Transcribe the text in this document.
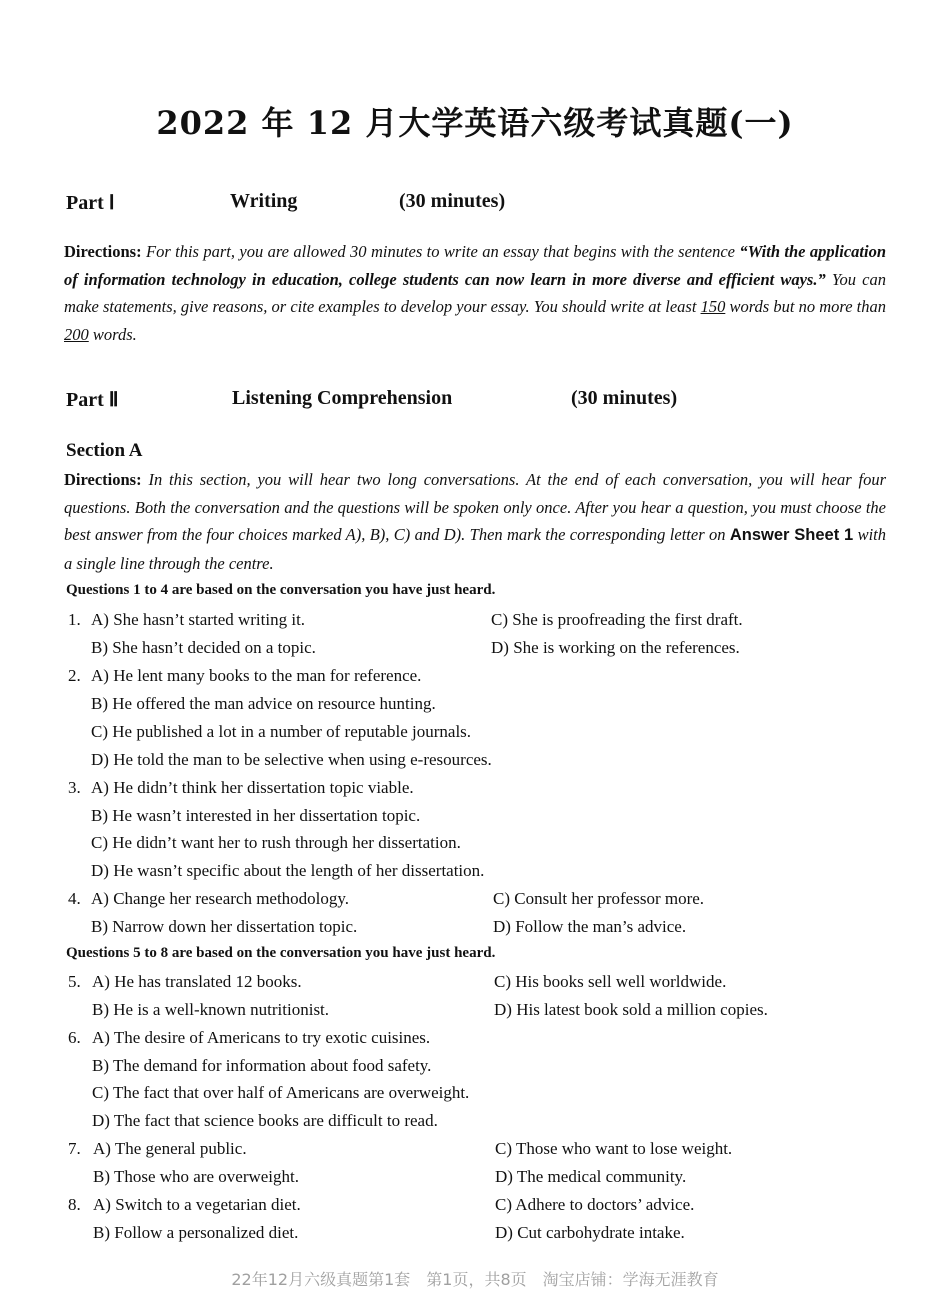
2022 年 12 月大学英语六级考试真题(一)
Part Ⅰ	Writing	(30 minutes)
Directions: For this part, you are allowed 30 minutes to write an essay that begins with the sentence “With the application of information technology in education, college students can now learn in more diverse and efficient ways.” You can make statements, give reasons, or cite examples to develop your essay. You should write at least 150 words but no more than 200 words.
Part Ⅱ	Listening Comprehension	(30 minutes)
Section A
Directions: In this section, you will hear two long conversations. At the end of each conversation, you will hear four questions. Both the conversation and the questions will be spoken only once. After you hear a question, you must choose the best answer from the four choices marked A), B), C) and D). Then mark the corresponding letter on Answer Sheet 1 with a single line through the centre.
Questions 1 to 4 are based on the conversation you have just heard.
1. A) She hasn’t started writing it.	C) She is proofreading the first draft.
B) She hasn’t decided on a topic.	D) She is working on the references.
2. A) He lent many books to the man for reference.
B) He offered the man advice on resource hunting.
C) He published a lot in a number of reputable journals.
D) He told the man to be selective when using e-resources.
3. A) He didn’t think her dissertation topic viable.
B) He wasn’t interested in her dissertation topic.
C) He didn’t want her to rush through her dissertation.
D) He wasn’t specific about the length of her dissertation.
4. A) Change her research methodology.	C) Consult her professor more.
B) Narrow down her dissertation topic.	D) Follow the man’s advice.
Questions 5 to 8 are based on the conversation you have just heard.
5. A) He has translated 12 books.	C) His books sell well worldwide.
B) He is a well-known nutritionist.	D) His latest book sold a million copies.
6. A) The desire of Americans to try exotic cuisines.
B) The demand for information about food safety.
C) The fact that over half of Americans are overweight.
D) The fact that science books are difficult to read.
7. A) The general public.	C) Those who want to lose weight.
B) Those who are overweight.	D) The medical community.
8. A) Switch to a vegetarian diet.	C) Adhere to doctors’ advice.
B) Follow a personalized diet.	D) Cut carbohydrate intake.
22年12月六级真题第1套　第1页，共8页　淘宝店铺：学海无涯教育
